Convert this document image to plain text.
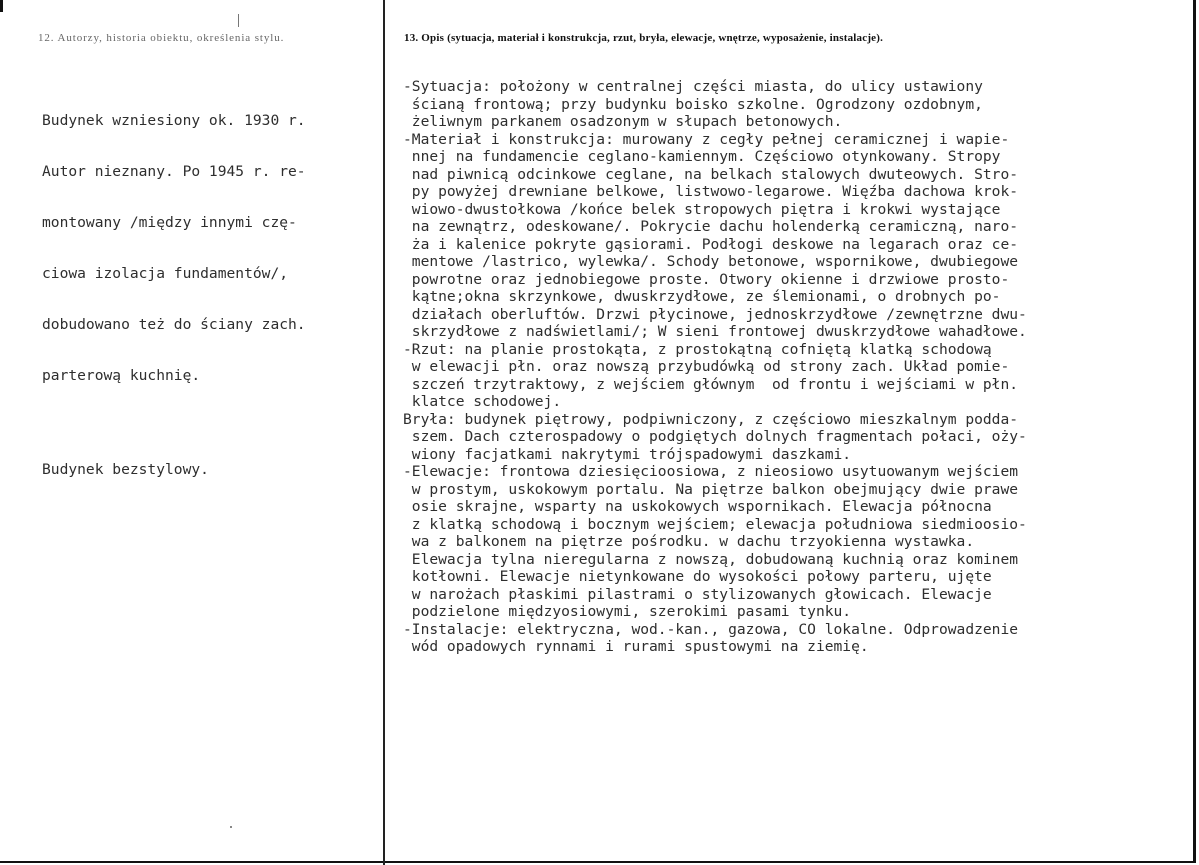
12. Autorzy, historia obiektu, określenia stylu.	13. Opis (sytuacja, materiał i konstrukcja, rzut, bryła, elewacje, wnętrze, wyposażenie, instalacje).

Budynek wzniesiony ok. 1930 r.

Autor nieznany. Po 1945 r. re-

montowany /między innymi czę-

ciowa izolacja fundamentów/,

dobudowano też do ściany zach.

parterową kuchnię.

Budynek bezstylowy.

-Sytuacja: położony w centralnej części miasta, do ulicy ustawiony
ścianą frontową; przy budynku boisko szkolne. Ogrodzony ozdobnym,
żeliwnym parkanem osadzonym w słupach betonowych.
-Materiał i konstrukcja: murowany z cegły pełnej ceramicznej i wapie-
nnej na fundamencie ceglano-kamiennym. Częściowo otynkowany. Stropy
nad piwnicą odcinkowe ceglane, na belkach stalowych dwuteowych. Stro-
py powyżej drewniane belkowe, listwowo-legarowe. Więźba dachowa krok-
wiowo-dwustołkowa /końce belek stropowych piętra i krokwi wystające
na zewnątrz, odeskowane/. Pokrycie dachu holenderką ceramiczną, naro-
ża i kalenice pokryte gąsiorami. Podłogi deskowe na legarach oraz ce-
mentowe /lastrico, wylewka/. Schody betonowe, wspornikowe, dwubiegowe
powrotne oraz jednobiegowe proste. Otwory okienne i drzwiowe prosto-
kątne;okna skrzynkowe, dwuskrzydłowe, ze ślemionami, o drobnych po-
działach oberluftów. Drzwi płycinowe, jednoskrzydłowe /zewnętrzne dwu-
skrzydłowe z nadświetlami/; W sieni frontowej dwuskrzydłowe wahadłowe.
-Rzut: na planie prostokąta, z prostokątną cofniętą klatką schodową
w elewacji płn. oraz nowszą przybudówką od strony zach. Układ pomie-
szczeń trzytraktowy, z wejściem głównym  od frontu i wejściami w płn.
klatce schodowej.
Bryła: budynek piętrowy, podpiwniczony, z częściowo mieszkalnym podda-
szem. Dach czterospadowy o podgiętych dolnych fragmentach połaci, oży-
wiony facjatkami nakrytymi trójspadowymi daszkami.
-Elewacje: frontowa dziesięcioosiowa, z nieosiowo usytuowanym wejściem
w prostym, uskokowym portalu. Na piętrze balkon obejmujący dwie prawe
osie skrajne, wsparty na uskokowych wspornikach. Elewacja północna
z klatką schodową i bocznym wejściem; elewacja południowa siedmioosio-
wa z balkonem na piętrze pośrodku. w dachu trzyokienna wystawka.
Elewacja tylna nieregularna z nowszą, dobudowaną kuchnią oraz kominem
kotłowni. Elewacje nietynkowane do wysokości połowy parteru, ujęte
w narożach płaskimi pilastrami o stylizowanych głowicach. Elewacje
podzielone międzyosiowymi, szerokimi pasami tynku.
-Instalacje: elektryczna, wod.-kan., gazowa, CO lokalne. Odprowadzenie
wód opadowych rynnami i rurami spustowymi na ziemię.
